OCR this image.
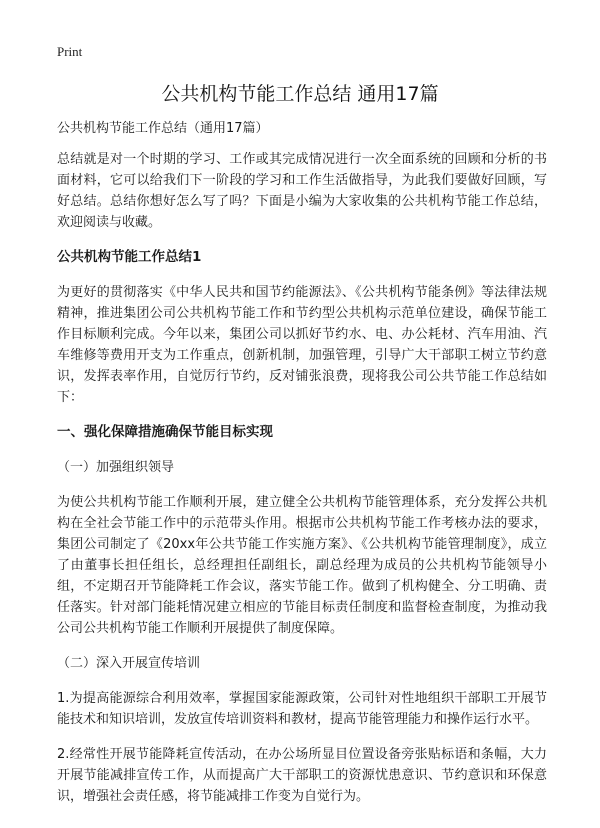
Print
公共机构节能工作总结 通用17篇

公共机构节能工作总结（通用17篇）

总结就是对一个时期的学习、工作或其完成情况进行一次全面系统的回顾和分析的书面材料，它可以给我们下一阶段的学习和工作生活做指导，为此我们要做好回顾，写好总结。总结你想好怎么写了吗？下面是小编为大家收集的公共机构节能工作总结，欢迎阅读与收藏。

公共机构节能工作总结1

为更好的贯彻落实《中华人民共和国节约能源法》、《公共机构节能条例》等法律法规精神，推进集团公司公共机构节能工作和节约型公共机构示范单位建设，确保节能工作目标顺利完成。今年以来，集团公司以抓好节约水、电、办公耗材、汽车用油、汽车维修等费用开支为工作重点，创新机制，加强管理，引导广大干部职工树立节约意识，发挥表率作用，自觉厉行节约，反对铺张浪费，现将我公司公共节能工作总结如下：

一、强化保障措施确保节能目标实现

（一）加强组织领导

为使公共机构节能工作顺利开展，建立健全公共机构节能管理体系，充分发挥公共机构在全社会节能工作中的示范带头作用。根据市公共机构节能工作考核办法的要求，集团公司制定了《20xx年公共节能工作实施方案》、《公共机构节能管理制度》，成立了由董事长担任组长，总经理担任副组长，副总经理为成员的公共机构节能领导小组，不定期召开节能降耗工作会议，落实节能工作。做到了机构健全、分工明确、责任落实。针对部门能耗情况建立相应的节能目标责任制度和监督检查制度，为推动我公司公共机构节能工作顺利开展提供了制度保障。

（二）深入开展宣传培训

1.为提高能源综合利用效率，掌握国家能源政策，公司针对性地组织干部职工开展节能技术和知识培训，发放宣传培训资料和教材，提高节能管理能力和操作运行水平。

2.经常性开展节能降耗宣传活动，在办公场所显目位置设备旁张贴标语和条幅，大力开展节能减排宣传工作，从而提高广大干部职工的资源忧患意识、节约意识和环保意识，增强社会责任感，将节能减排工作变为自觉行为。
